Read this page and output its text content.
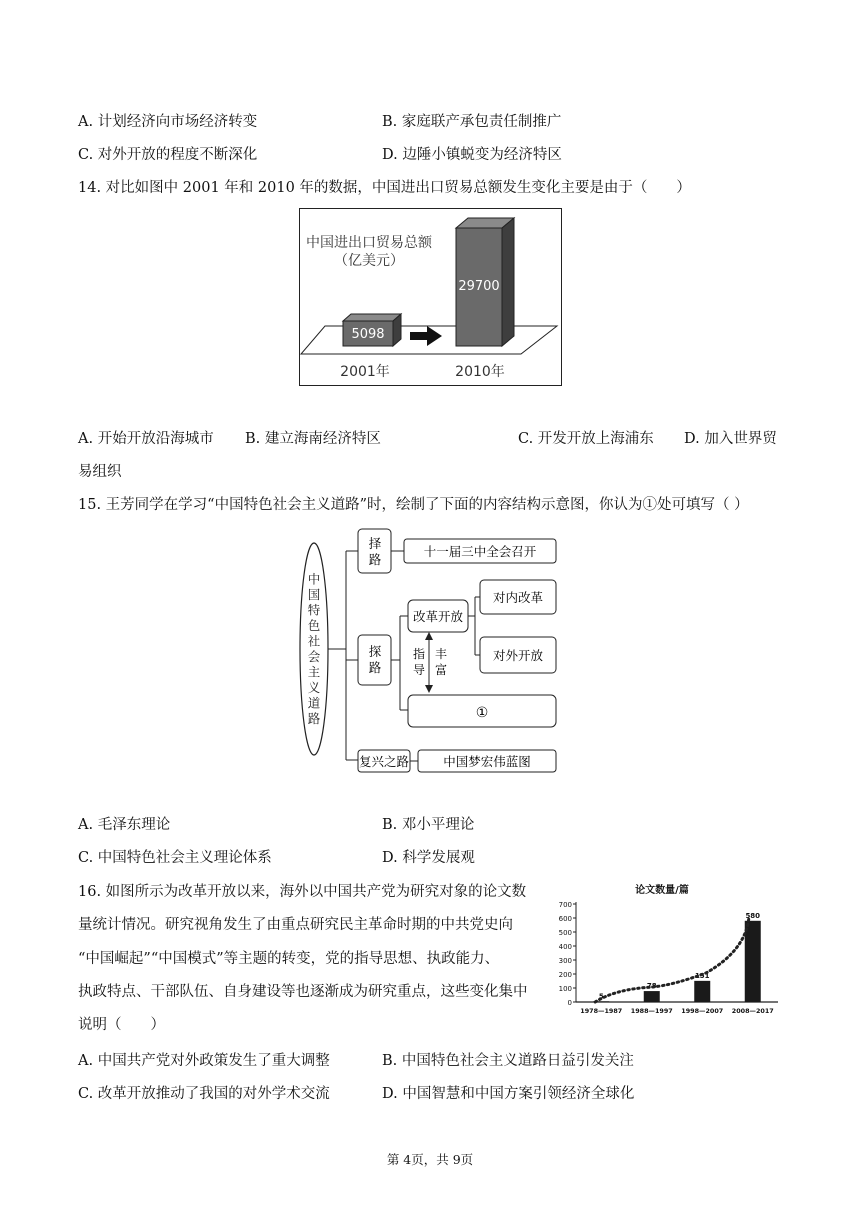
A. 计划经济向市场经济转变	B. 家庭联产承包责任制推广
C. 对外开放的程度不断深化	D. 边陲小镇蜕变为经济特区
14. 对比如图中 2001 年和 2010 年的数据，中国进出口贸易总额发生变化主要是由于（　　）
中国进出口贸易总额
（亿美元）
5098
29700
2001年	2010年
A. 开始开放沿海城市 B. 建立海南经济特区	C. 开发开放上海浦东 D. 加入世界贸
易组织
15. 王芳同学在学习“中国特色社会主义道路”时，绘制了下面的内容结构示意图，你认为①处可填写（ ）
中国特色社会主义道路
择路
十一届三中全会召开
探路
改革开放
对内改革
对外开放
指导
丰富
①
复兴之路	中国梦宏伟蓝图
A. 毛泽东理论	B. 邓小平理论
C. 中国特色社会主义理论体系	D. 科学发展观
16. 如图所示为改革开放以来，海外以中国共产党为研究对象的论文数
量统计情况。研究视角发生了由重点研究民主革命时期的中共党史向
“中国崛起”“中国模式”等主题的转变，党的指导思想、执政能力、
执政特点、干部队伍、自身建设等也逐渐成为研究重点，这些变化集中
说明（　　）
论文数量/篇
0
100
200
300
400
500
600
700
5
1978—1987
78
1988—1997
151
1998—2007
580
2008—2017
A. 中国共产党对外政策发生了重大调整	B. 中国特色社会主义道路日益引发关注
C. 改革开放推动了我国的对外学术交流	D. 中国智慧和中国方案引领经济全球化
第 4页，共 9页
